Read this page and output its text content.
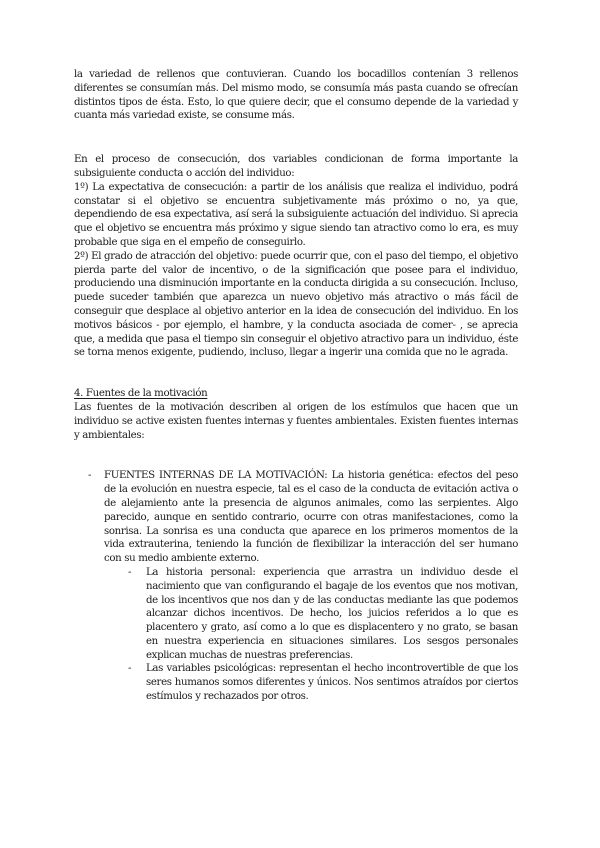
la variedad de rellenos que contuvieran. Cuando los bocadillos contenían 3 rellenos diferentes se consumían más. Del mismo modo, se consumía más pasta cuando se ofrecían distintos tipos de ésta. Esto, lo que quiere decir, que el consumo depende de la variedad y cuanta más variedad existe, se consume más.

En el proceso de consecución, dos variables condicionan de forma importante la subsiguiente conducta o acción del individuo:

1º) La expectativa de consecución: a partir de los análisis que realiza el individuo, podrá constatar si el objetivo se encuentra subjetivamente más próximo o no, ya que, dependiendo de esa expectativa, así será la subsiguiente actuación del individuo. Si aprecia que el objetivo se encuentra más próximo y sigue siendo tan atractivo como lo era, es muy probable que siga en el empeño de conseguirlo.

2º) El grado de atracción del objetivo: puede ocurrir que, con el paso del tiempo, el objetivo pierda parte del valor de incentivo, o de la significación que posee para el individuo, produciendo una disminución importante en la conducta dirigida a su consecución. Incluso, puede suceder también que aparezca un nuevo objetivo más atractivo o más fácil de conseguir que desplace al objetivo anterior en la idea de consecución del individuo. En los motivos básicos - por ejemplo, el hambre, y la conducta asociada de comer- , se aprecia que, a medida que pasa el tiempo sin conseguir el objetivo atractivo para un individuo, éste se torna menos exigente, pudiendo, incluso, llegar a ingerir una comida que no le agrada.

4. Fuentes de la motivación

Las fuentes de la motivación describen al origen de los estímulos que hacen que un individuo se active existen fuentes internas y fuentes ambientales. Existen fuentes internas y ambientales:

- FUENTES INTERNAS DE LA MOTIVACIÓN: La historia genética: efectos del peso de la evolución en nuestra especie, tal es el caso de la conducta de evitación activa o de alejamiento ante la presencia de algunos animales, como las serpientes. Algo parecido, aunque en sentido contrario, ocurre con otras manifestaciones, como la sonrisa. La sonrisa es una conducta que aparece en los primeros momentos de la vida extrauterina, teniendo la función de flexibilizar la interacción del ser humano con su medio ambiente externo.
- La historia personal: experiencia que arrastra un individuo desde el nacimiento que van configurando el bagaje de los eventos que nos motivan, de los incentivos que nos dan y de las conductas mediante las que podemos alcanzar dichos incentivos. De hecho, los juicios referidos a lo que es placentero y grato, así como a lo que es displacentero y no grato, se basan en nuestra experiencia en situaciones similares. Los sesgos personales explican muchas de nuestras preferencias.
- Las variables psicológicas: representan el hecho incontrovertible de que los seres humanos somos diferentes y únicos. Nos sentimos atraídos por ciertos estímulos y rechazados por otros.
